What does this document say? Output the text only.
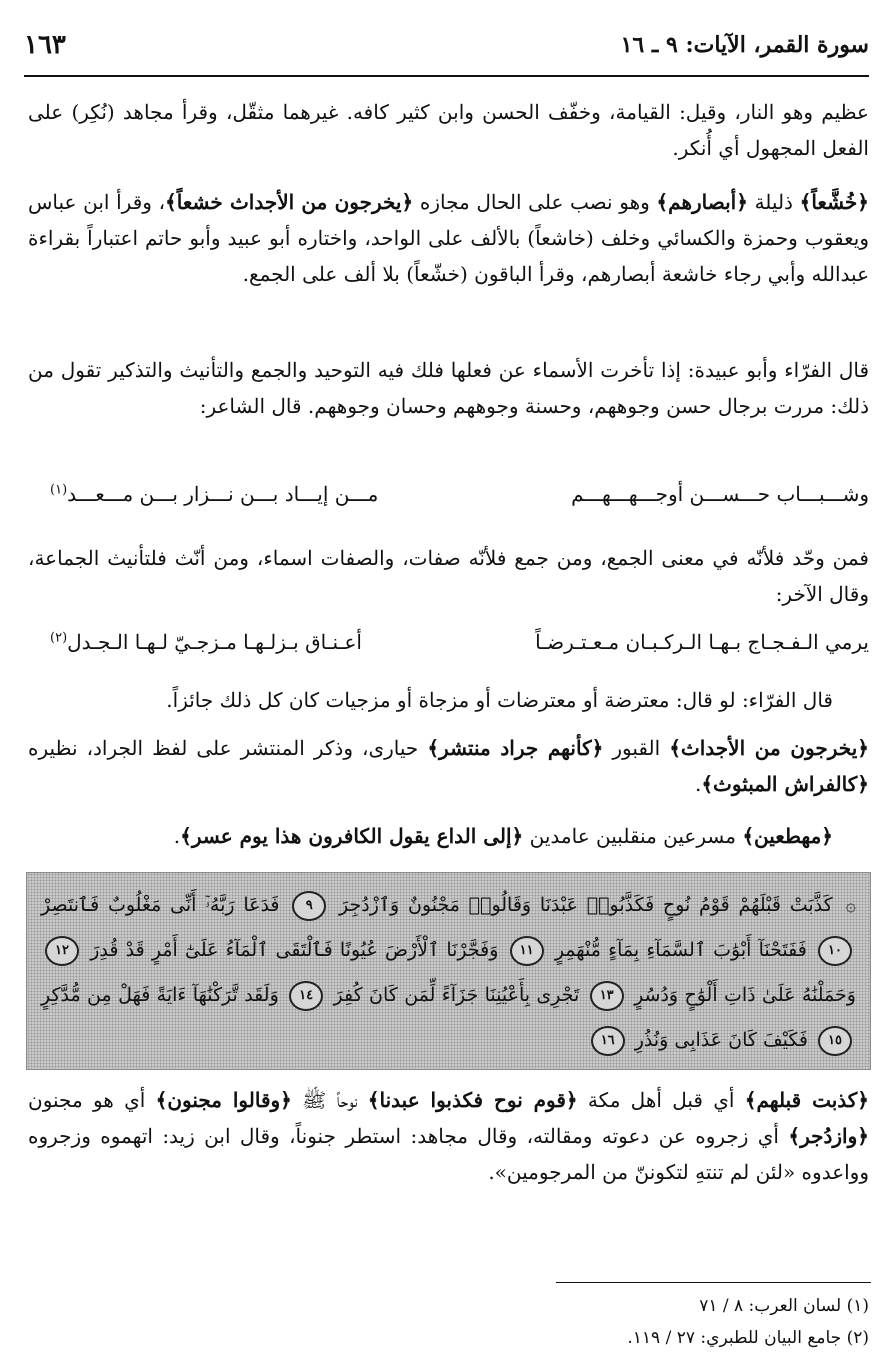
سورة القمر، الآيات: ٩ ـ ١٦
١٦٣

عظيم وهو النار، وقيل: القيامة، وخفّف الحسن وابن كثير كافه. غيرهما مثقّل، وقرأ مجاهد (نُكِر) على الفعل المجهول أي أُنكر.

﴿خُشَّعاً﴾ ذليلة ﴿أبصارهم﴾ وهو نصب على الحال مجازه ﴿يخرجون من الأجداث خشعاً﴾، وقرأ ابن عباس ويعقوب وحمزة والكسائي وخلف (خاشعاً) بالألف على الواحد، واختاره أبو عبيد وأبو حاتم اعتباراً بقراءة عبدالله وأبي رجاء خاشعة أبصارهم، وقرأ الباقون (خشّعاً) بلا ألف على الجمع.

قال الفرّاء وأبو عبيدة: إذا تأخرت الأسماء عن فعلها فلك فيه التوحيد والجمع والتأنيث والتذكير تقول من ذلك: مررت برجال حسن وجوههم، وحسنة وجوههم وحسان وجوههم. قال الشاعر:

وشـــبـــاب حـــســـن أوجـــهـــهـــم
مـــن إيـــاد بـــن نـــزار بـــن مـــعـــد$^{(١)}$

فمن وحّد فلأنّه في معنى الجمع، ومن جمع فلأنّه صفات، والصفات اسماء، ومن أنّث فلتأنيث الجماعة، وقال الآخر:

يرمي الـفـجـاج بـهـا الـركـبـان مـعـتـرضـاً
أعـنـاق بـزلـهـا مـزجـيّ لـهـا الـجـدل$^{(٢)}$

قال الفرّاء: لو قال: معترضة أو معترضات أو مزجاة أو مزجيات كان كل ذلك جائزاً.

﴿يخرجون من الأجداث﴾ القبور ﴿كأنهم جراد منتشر﴾ حيارى، وذكر المنتشر على لفظ الجراد، نظيره ﴿كالفراش المبثوث﴾.

﴿مهطعين﴾ مسرعين منقلبين عامدين ﴿إلى الداع يقول الكافرون هذا يوم عسر﴾.

۞ كَذَّبَتْ قَبْلَهُمْ قَوْمُ نُوحٍ فَكَذَّبُوا۟ عَبْدَنَا وَقَالُوا۟ مَجْنُونٌ وَٱزْدُجِرَ ٩ فَدَعَا رَبَّهُۥٓ أَنِّى مَغْلُوبٌ فَٱنتَصِرْ ١٠ فَفَتَحْنَآ أَبْوَٰبَ ٱلسَّمَآءِ بِمَآءٍ مُّنْهَمِرٍ ١١ وَفَجَّرْنَا ٱلْأَرْضَ عُيُونًا فَٱلْتَقَى ٱلْمَآءُ عَلَىٰٓ أَمْرٍ قَدْ قُدِرَ ١٢ وَحَمَلْنَٰهُ عَلَىٰ ذَاتِ أَلْوَٰحٍ وَدُسُرٍ ١٣ تَجْرِى بِأَعْيُنِنَا جَزَآءً لِّمَن كَانَ كُفِرَ ١٤ وَلَقَد تَّرَكْنَٰهَآ ءَايَةً فَهَلْ مِن مُّدَّكِرٍ ١٥ فَكَيْفَ كَانَ عَذَابِى وَنُذُرِ ١٦

﴿كذبت قبلهم﴾ أي قبل أهل مكة ﴿قوم نوح فكذبوا عبدنا﴾ نوحاً ﷺ ﴿وقالوا مجنون﴾ أي هو مجنون ﴿وازدُجر﴾ أي زجروه عن دعوته ومقالته، وقال مجاهد: استطر جنوناً، وقال ابن زيد: اتهموه وزجروه وواعدوه «لئن لم تنتهِ لتكوننّ من المرجومين».

(١) لسان العرب: ٨ / ٧١
(٢) جامع البيان للطبري: ٢٧ / ١١٩.
